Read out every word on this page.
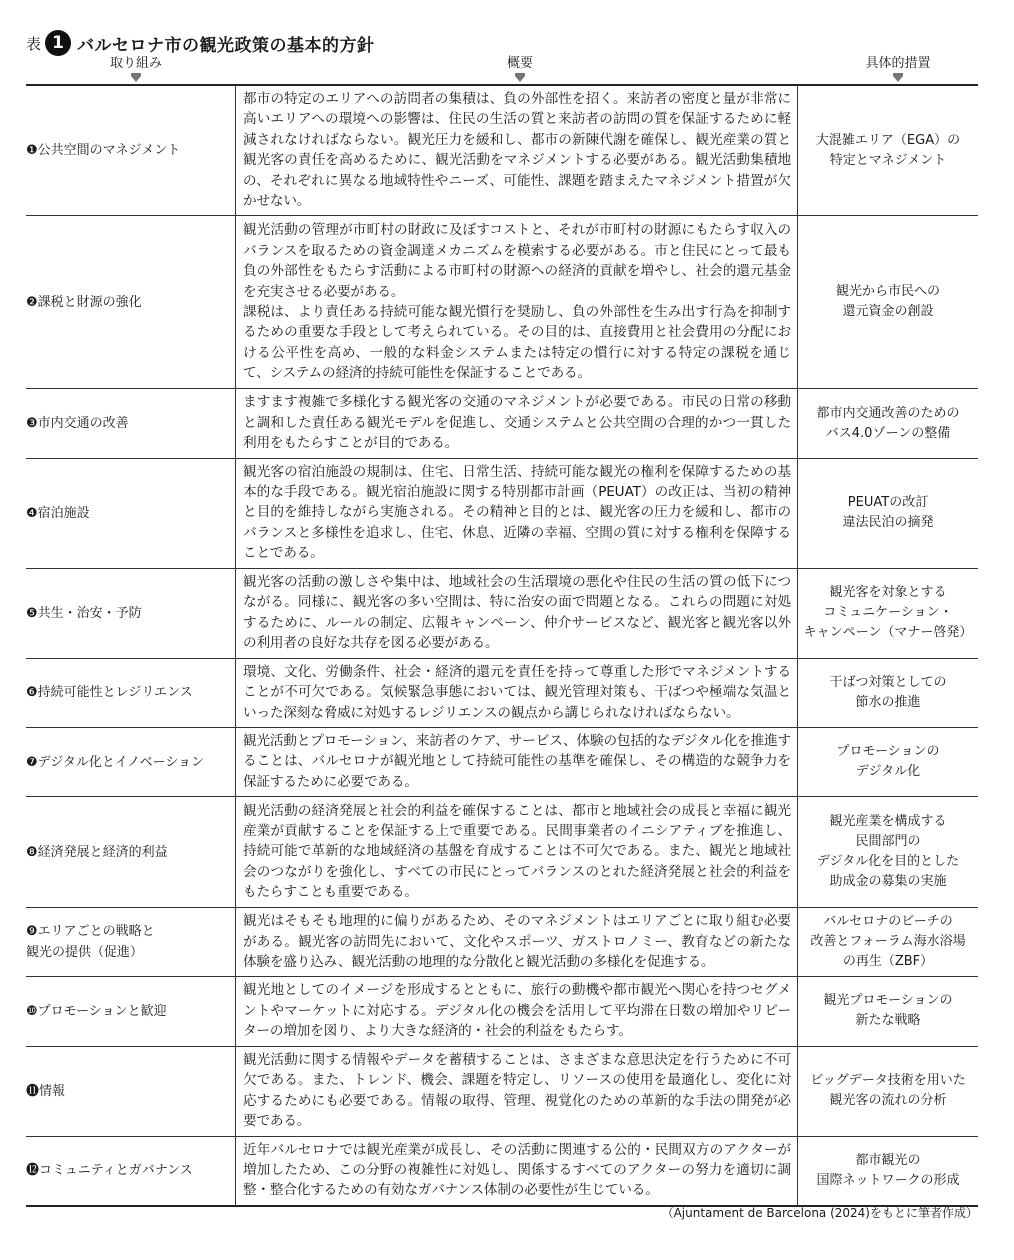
表 1 バルセロナ市の観光政策の基本的方針
取り組み	概要	具体的措置
❶公共空間のマネジメント	都市の特定のエリアへの訪問者の集積は、負の外部性を招く。来訪者の密度と量が非常に高いエリアへの環境への影響は、住民の生活の質と来訪者の訪問の質を保証するために軽減されなければならない。観光圧力を緩和し、都市の新陳代謝を確保し、観光産業の質と観光客の責任を高めるために、観光活動をマネジメントする必要がある。観光活動集積地の、それぞれに異なる地域特性やニーズ、可能性、課題を踏まえたマネジメント措置が欠かせない。	大混雑エリア（EGA）の
特定とマネジメント

❷課税と財源の強化	観光活動の管理が市町村の財政に及ぼすコストと、それが市町村の財源にもたらす収入のバランスを取るための資金調達メカニズムを模索する必要がある。市と住民にとって最も負の外部性をもたらす活動による市町村の財源への経済的貢献を増やし、社会的還元基金を充実させる必要がある。
課税は、より責任ある持続可能な観光慣行を奨励し、負の外部性を生み出す行為を抑制するための重要な手段として考えられている。その目的は、直接費用と社会費用の分配における公平性を高め、一般的な料金システムまたは特定の慣行に対する特定の課税を通じて、システムの経済的持続可能性を保証することである。	観光から市民への
還元資金の創設

❸市内交通の改善	ますます複雑で多様化する観光客の交通のマネジメントが必要である。市民の日常の移動と調和した責任ある観光モデルを促進し、交通システムと公共空間の合理的かつ一貫した利用をもたらすことが目的である。	都市内交通改善のための
バス4.0ゾーンの整備

❹宿泊施設	観光客の宿泊施設の規制は、住宅、日常生活、持続可能な観光の権利を保障するための基本的な手段である。観光宿泊施設に関する特別都市計画（PEUAT）の改正は、当初の精神と目的を維持しながら実施される。その精神と目的とは、観光客の圧力を緩和し、都市のバランスと多様性を追求し、住宅、休息、近隣の幸福、空間の質に対する権利を保障することである。	PEUATの改訂
違法民泊の摘発

❺共生・治安・予防	観光客の活動の激しさや集中は、地域社会の生活環境の悪化や住民の生活の質の低下につながる。同様に、観光客の多い空間は、特に治安の面で問題となる。これらの問題に対処するために、ルールの制定、広報キャンペーン、仲介サービスなど、観光客と観光客以外の利用者の良好な共存を図る必要がある。	観光客を対象とする
コミュニケーション・
キャンペーン（マナー啓発）

❻持続可能性とレジリエンス	環境、文化、労働条件、社会・経済的還元を責任を持って尊重した形でマネジメントすることが不可欠である。気候緊急事態においては、観光管理対策も、干ばつや極端な気温といった深刻な脅威に対処するレジリエンスの観点から講じられなければならない。	干ばつ対策としての
節水の推進

❼デジタル化とイノベーション	観光活動とプロモーション、来訪者のケア、サービス、体験の包括的なデジタル化を推進することは、バルセロナが観光地として持続可能性の基準を確保し、その構造的な競争力を保証するために必要である。	プロモーションの
デジタル化

❽経済発展と経済的利益	観光活動の経済発展と社会的利益を確保することは、都市と地域社会の成長と幸福に観光産業が貢献することを保証する上で重要である。民間事業者のイニシアティブを推進し、持続可能で革新的な地域経済の基盤を育成することは不可欠である。また、観光と地域社会のつながりを強化し、すべての市民にとってバランスのとれた経済発展と社会的利益をもたらすことも重要である。	観光産業を構成する
民間部門の
デジタル化を目的とした
助成金の募集の実施

❾エリアごとの戦略と
観光の提供（促進）	観光はそもそも地理的に偏りがあるため、そのマネジメントはエリアごとに取り組む必要がある。観光客の訪問先において、文化やスポーツ、ガストロノミー、教育などの新たな体験を盛り込み、観光活動の地理的な分散化と観光活動の多様化を促進する。	バルセロナのビーチの
改善とフォーラム海水浴場
の再生（ZBF）

❿プロモーションと歓迎	観光地としてのイメージを形成するとともに、旅行の動機や都市観光へ関心を持つセグメントやマーケットに対応する。デジタル化の機会を活用して平均滞在日数の増加やリピーターの増加を図り、より大きな経済的・社会的利益をもたらす。	観光プロモーションの
新たな戦略

⓫情報	観光活動に関する情報やデータを蓄積することは、さまざまな意思決定を行うために不可欠である。また、トレンド、機会、課題を特定し、リソースの使用を最適化し、変化に対応するためにも必要である。情報の取得、管理、視覚化のための革新的な手法の開発が必要である。	ビッグデータ技術を用いた
観光客の流れの分析

⓬コミュニティとガバナンス	近年バルセロナでは観光産業が成長し、その活動に関連する公的・民間双方のアクターが増加したため、この分野の複雑性に対処し、関係するすべてのアクターの努力を適切に調整・整合化するための有効なガバナンス体制の必要性が生じている。	都市観光の
国際ネットワークの形成
（Ajuntament de Barcelona (2024)をもとに筆者作成）
